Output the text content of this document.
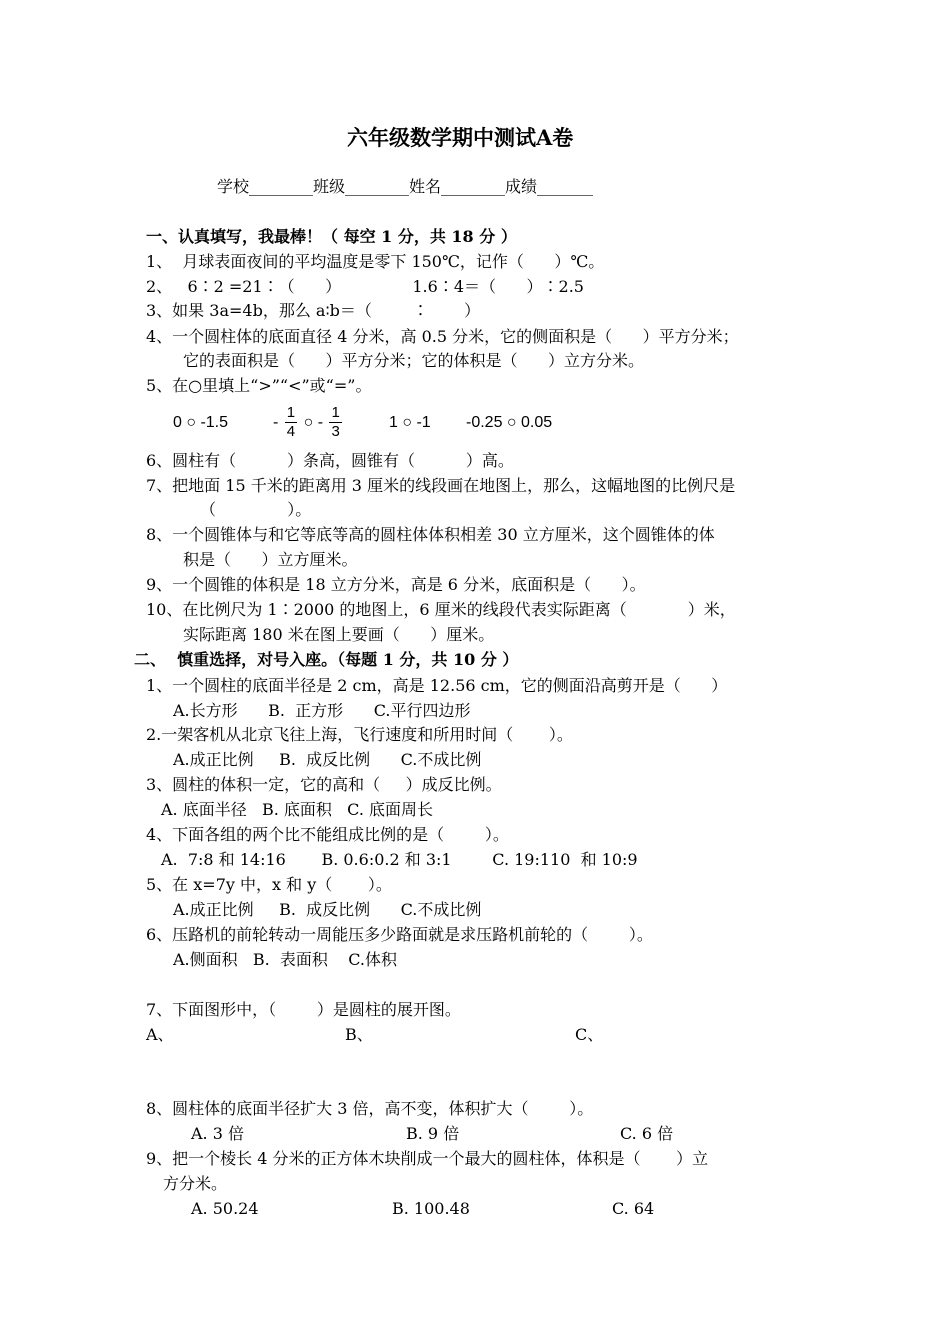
六年级数学期中测试A卷
学校________班级________姓名________成绩_______
一、认真填写，我最棒！（ 每空 1 分，共 18 分 ）
1、  月球表面夜间的平均温度是零下 150℃，记作（      ）℃。
2、   6∶2 =21∶（      ）              1.6∶4＝（      ）∶2.5
3、如果 3a=4b，那么 a∶b＝（        ∶       ）
4、一个圆柱体的底面直径 4 分米，高 0.5 分米，它的侧面积是（      ）平方分米；
它的表面积是（      ）平方分米；它的体积是（      ）立方分米。
5、在○里填上“>”“<”或“=”。
0 ○ -1.5	- $\frac{1}{4}$ ○ - $\frac{1}{3}$	1 ○ -1 -0.25 ○ 0.05
6、圆柱有（          ）条高，圆锥有（          ）高。
7、把地面 15 千米的距离用 3 厘米的线段画在地图上，那么，这幅地图的比例尺是
（              ）。
8、一个圆锥体与和它等底等高的圆柱体体积相差 30 立方厘米，这个圆锥体的体
积是（      ）立方厘米。
9、一个圆锥的体积是 18 立方分米，高是 6 分米，底面积是（      ）。
10、在比例尺为 1∶2000 的地图上，6 厘米的线段代表实际距离（            ）米，
实际距离 180 米在图上要画（      ）厘米。
二、  慎重选择，对号入座。（每题 1 分，共 10 分 ）
1、一个圆柱的底面半径是 2 cm，高是 12.56 cm，它的侧面沿高剪开是（      ）
A.长方形      B.  正方形      C.平行四边形
2.一架客机从北京飞往上海，飞行速度和所用时间（       ）。
A.成正比例     B.  成反比例      C.不成比例
3、圆柱的体积一定，它的高和（     ）成反比例。
A. 底面半径   B. 底面积   C. 底面周长
4、下面各组的两个比不能组成比例的是（        ）。
A.  7:8 和 14:16       B. 0.6:0.2 和 3:1        C. 19:110  和 10:9
5、在 x=7y 中，x 和 y（       ）。
A.成正比例     B.  成反比例      C.不成比例
6、压路机的前轮转动一周能压多少路面就是求压路机前轮的（        ）。
A.侧面积   B.  表面积    C.体积
7、下面图形中，（        ）是圆柱的展开图。
A、	B、	C、
8、圆柱体的底面半径扩大 3 倍，高不变，体积扩大（        ）。
A. 3 倍	B. 9 倍	C. 6 倍
9、把一个棱长 4 分米的正方体木块削成一个最大的圆柱体，体积是（       ）立
方分米。
A. 50.24	B. 100.48	C. 64
